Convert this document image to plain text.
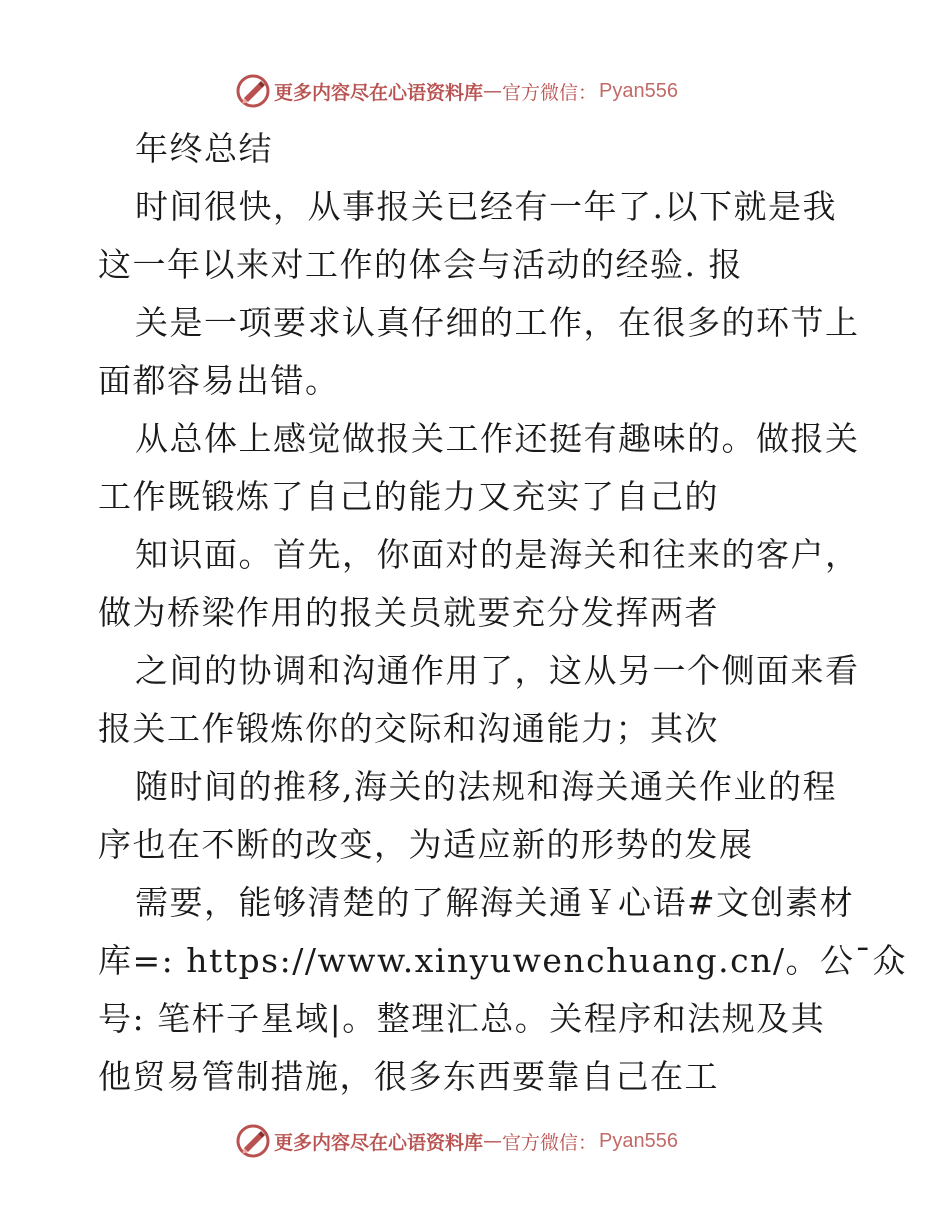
更多内容尽在心语资料库 — 官方微信： Pyan556
年终总结
时间很快，从事报关已经有一年了.以下就是我
这一年以来对工作的体会与活动的经验. 报
关是一项要求认真仔细的工作，在很多的环节上
面都容易出错。
从总体上感觉做报关工作还挺有趣味的。做报关
工作既锻炼了自己的能力又充实了自己的
知识面。首先，你面对的是海关和往来的客户，
做为桥梁作用的报关员就要充分发挥两者
之间的协调和沟通作用了，这从另一个侧面来看
报关工作锻炼你的交际和沟通能力；其次
随时间的推移,海关的法规和海关通关作业的程
序也在不断的改变，为适应新的形势的发展
需要，能够清楚的了解海关通￥心语#文创素材
库=: https://www.xinyuwenchuang.cn/。公¯众
号: 笔杆子星域|。整理汇总。关程序和法规及其
他贸易管制措施，很多东西要靠自己在工
更多内容尽在心语资料库 — 官方微信： Pyan556
